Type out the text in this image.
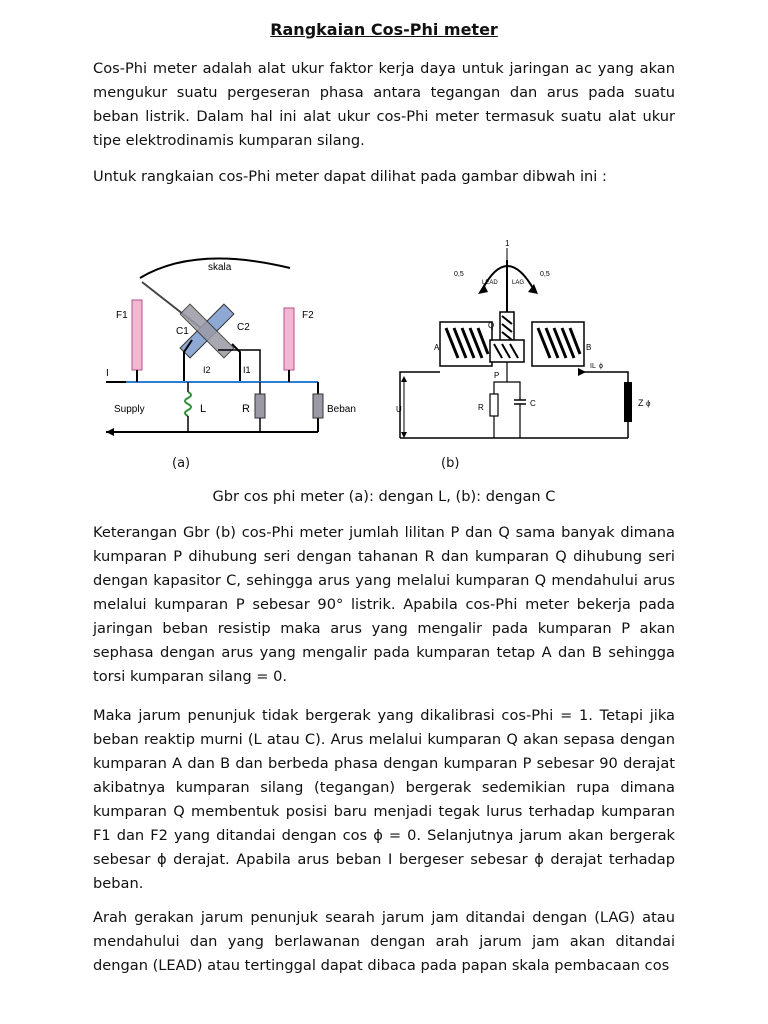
Rangkaian Cos-Phi meter

Cos-Phi meter adalah alat ukur faktor kerja daya untuk jaringan ac yang akan mengukur suatu pergeseran phasa antara tegangan dan arus pada suatu beban listrik. Dalam hal ini alat ukur cos-Phi meter termasuk suatu alat ukur tipe elektrodinamis kumparan silang.

Untuk rangkaian cos-Phi meter dapat dilihat pada gambar dibwah ini :

skala
C1	C2
F1	F2
I2	I1
I
L	R	Beban
Supply
1
0,5	0,5
LEAD LAG
A	B
Q
P
IL ϕ
R	C
U
Z ϕ
(a)	(b)
Gbr cos phi meter (a): dengan L, (b): dengan C

Keterangan Gbr (b) cos-Phi meter jumlah lilitan P dan Q sama banyak dimana kumparan P dihubung seri dengan tahanan R dan kumparan Q dihubung seri dengan kapasitor C, sehingga arus yang melalui kumparan Q mendahului arus melalui kumparan P sebesar 90° listrik. Apabila cos-Phi meter bekerja pada jaringan beban resistip maka arus yang mengalir pada kumparan P akan sephasa dengan arus yang mengalir pada kumparan tetap A dan B sehingga torsi kumparan silang = 0.

Maka jarum penunjuk tidak bergerak yang dikalibrasi cos-Phi = 1. Tetapi jika beban reaktip murni (L atau C). Arus melalui kumparan Q akan sepasa dengan kumparan A dan B dan berbeda phasa dengan kumparan P sebesar 90 derajat akibatnya kumparan silang (tegangan) bergerak sedemikian rupa dimana kumparan Q membentuk posisi baru menjadi tegak lurus terhadap kumparan F1 dan F2 yang ditandai dengan cos ϕ = 0. Selanjutnya jarum akan bergerak sebesar ϕ derajat. Apabila arus beban I bergeser sebesar ϕ derajat terhadap beban.

Arah gerakan jarum penunjuk searah jarum jam ditandai dengan (LAG) atau mendahului dan yang berlawanan dengan arah jarum jam akan ditandai dengan (LEAD) atau tertinggal dapat dibaca pada papan skala pembacaan cos
